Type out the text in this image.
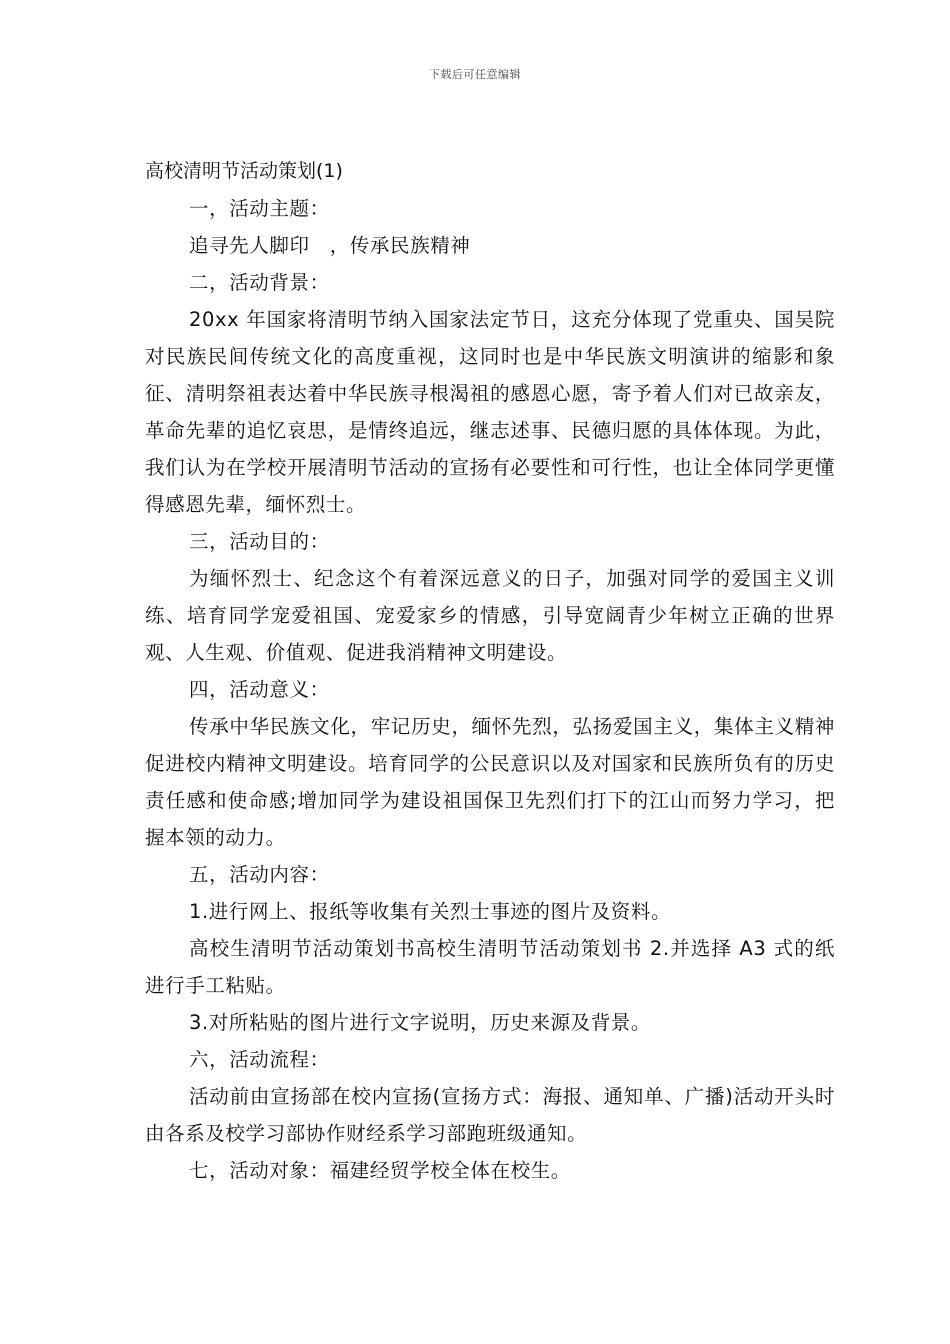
下载后可任意编辑

高校清明节活动策划(1)

一，活动主题：

追寻先人脚印　，传承民族精神

二，活动背景：

20xx 年国家将清明节纳入国家法定节日，这充分体现了党重央、国吴院对民族民间传统文化的高度重视，这同时也是中华民族文明演讲的缩影和象征、清明祭祖表达着中华民族寻根渴祖的感恩心愿，寄予着人们对已故亲友，革命先辈的追忆哀思，是情终追远，继志述事、民德归愿的具体体现。为此，我们认为在学校开展清明节活动的宣扬有必要性和可行性，也让全体同学更懂得感恩先辈，缅怀烈士。

三，活动目的：

为缅怀烈士、纪念这个有着深远意义的日子，加强对同学的爱国主义训练、培育同学宠爱祖国、宠爱家乡的情感，引导宽阔青少年树立正确的世界观、人生观、价值观、促进我消精神文明建设。

四，活动意义：

传承中华民族文化，牢记历史，缅怀先烈，弘扬爱国主义，集体主义精神促进校内精神文明建设。培育同学的公民意识以及对国家和民族所负有的历史责任感和使命感;增加同学为建设祖国保卫先烈们打下的江山而努力学习，把握本领的动力。

五，活动内容：

1.进行网上、报纸等收集有关烈士事迹的图片及资料。

高校生清明节活动策划书高校生清明节活动策划书 2.并选择 A3 式的纸进行手工粘贴。

3.对所粘贴的图片进行文字说明，历史来源及背景。

六，活动流程：

活动前由宣扬部在校内宣扬(宣扬方式：海报、通知单、广播)活动开头时由各系及校学习部协作财经系学习部跑班级通知。

七，活动对象：福建经贸学校全体在校生。
